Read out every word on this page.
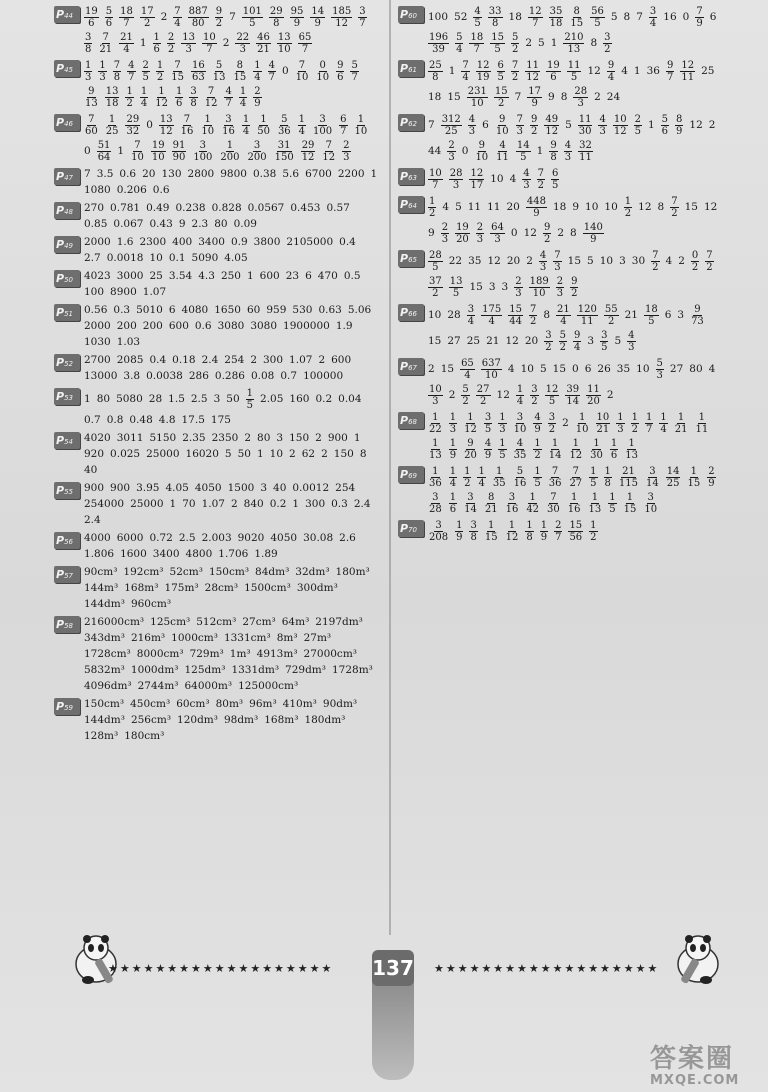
P44	$\frac{19}{6} \frac{5}{6} \frac{18}{7} \frac{17}{2} 2 \frac{7}{4} \frac{887}{80} \frac{9}{2} 7 \frac{101}{5} \frac{29}{8} \frac{95}{9} \frac{14}{9} \frac{185}{12} \frac{3}{7}$
$\frac{3}{8} \frac{7}{21} \frac{21}{4} 1 \frac{1}{6} \frac{2}{2} \frac{13}{3} \frac{10}{7} 2 \frac{22}{3} \frac{46}{21} \frac{13}{10} \frac{65}{7}$
P45	$\frac{1}{3} \frac{1}{3} \frac{7}{8} \frac{4}{7} \frac{2}{5} \frac{1}{2} \frac{7}{15} \frac{16}{63} \frac{5}{13} \frac{8}{15} \frac{1}{4} \frac{4}{7} 0 \frac{7}{10} \frac{0}{10} \frac{9}{6} \frac{5}{7}$
$\frac{9}{13} \frac{13}{18} \frac{1}{2} \frac{1}{4} \frac{1}{12} \frac{1}{6} \frac{3}{8} \frac{7}{12} \frac{4}{7} \frac{1}{4} \frac{2}{9}$
P46	$\frac{7}{60} \frac{1}{25} \frac{29}{32} 0 \frac{13}{12} \frac{7}{16} \frac{1}{10} \frac{3}{16} \frac{1}{4} \frac{1}{50} \frac{5}{36} \frac{1}{4} \frac{3}{100} \frac{6}{7} \frac{1}{10}$
$0 \frac{51}{64} 1 \frac{7}{10} \frac{19}{10} \frac{91}{90} \frac{3}{100} \frac{1}{200} \frac{3}{200} \frac{31}{150} \frac{29}{12} \frac{7}{12} \frac{2}{3}$
P47	7 3.5 0.6 20 130 2800 9800 0.38 5.6 6700 2200 1
1080 0.206 0.6
P48	270 0.781 0.49 0.238 0.828 0.0567 0.453 0.57
0.85 0.067 0.43 9 2.3 80 0.09
P49	2000 1.6 2300 400 3400 0.9 3800 2105000 0.4
2.7 0.0018 10 0.1 5090 4.05
P50	4023 3000 25 3.54 4.3 250 1 600 23 6 470 0.5
100 8900 1.07
P51	0.56 0.3 5010 6 4080 1650 60 959 530 0.63 5.06
2000 200 200 600 0.6 3080 3080 1900000 1.9
1030 1.03
P52	2700 2085 0.4 0.18 2.4 254 2 300 1.07 2 600
13000 3.8 0.0038 286 0.286 0.08 0.7 100000
P53	1 80 5080 28 1.5 2.5 3 $50 \frac{1}{5} 2.05$ 160 0.2 0.04
0.7 0.8 0.48 4.8 17.5 175
P54	4020 3011 5150 2.35 2350 2 80 3 150 2 900 1
920 0.025 25000 16020 5 50 1 10 2 62 2 150 8
40
P55	900 900 3.95 4.05 4050 1500 3 40 0.0012 254
254000 25000 1 70 1.07 2 840 0.2 1 300 0.3 2.4
2.4
P56	4000 6000 0.72 2.5 2.003 9020 4050 30.08 2.6
1.806 1600 3400 4800 1.706 1.89
P57	90cm³ 192cm³ 52cm³ 150cm³ 84dm³ 32dm³ 180m³
144m³ 168m³ 175m³ 28cm³ 1500cm³ 300dm³
144dm³ 960cm³
P58	216000cm³ 125cm³ 512cm³ 27cm³ 64m³ 2197dm³
343dm³ 216m³ 1000cm³ 1331cm³ 8m³ 27m³
1728cm³ 8000cm³ 729m³ 1m³ 4913m³ 27000cm³
5832m³ 1000dm³ 125dm³ 1331dm³ 729dm³ 1728m³
4096dm³ 2744m³ 64000m³ 125000cm³
P59	150cm³ 450cm³ 60cm³ 80m³ 96m³ 410m³ 90dm³
144dm³ 256cm³ 120dm³ 98dm³ 168m³ 180dm³
128m³ 180cm³
P60	100 $52 \frac{4}{5} \frac{33}{8} 18 \frac{12}{7} \frac{35}{18} \frac{8}{15} \frac{56}{5} 5$ 8 $7 \frac{3}{4} 16$ $0 \frac{7}{9} 6$
$\frac{196}{39} \frac{5}{4} \frac{18}{7} \frac{15}{5} \frac{5}{2} 2$ 5 $1 \frac{210}{13} 8 \frac{3}{2}$
P61	$\frac{25}{8} 1 \frac{7}{4} \frac{12}{19} \frac{6}{5} \frac{7}{2} \frac{11}{12} \frac{19}{6} \frac{11}{5} 12 \frac{9}{4} 4$ 1 $36 \frac{9}{7} \frac{12}{11} 25$
18 $15 \frac{231}{10} \frac{15}{2} 7 \frac{17}{9} 9$ $8 \frac{28}{3} 2$ 24
P62	$7 \frac{312}{25} \frac{4}{3} 6 \frac{9}{10} \frac{7}{3} \frac{9}{2} \frac{49}{12} 5 \frac{11}{30} \frac{4}{3} \frac{10}{12} \frac{2}{5} 1 \frac{5}{6} \frac{8}{9} 12$ 2
$44 \frac{2}{3} 0 \frac{9}{10} \frac{4}{11} \frac{14}{5} 1 \frac{9}{8} \frac{4}{3} \frac{32}{11}$
P63	$\frac{10}{7} \frac{28}{3} \frac{12}{17} 10$ $4 \frac{4}{3} \frac{7}{2} \frac{6}{5}$
P64	$\frac{1}{2} 4$ 5 11 11 $20 \frac{448}{9} 18$ 9 10 $10 \frac{1}{2} 12$ $8 \frac{7}{2} 15$ 12
$9 \frac{2}{3} \frac{19}{20} \frac{2}{3} \frac{64}{3} 0$ $12 \frac{9}{2} 2$ $8 \frac{140}{9}$
P65	$\frac{28}{5} 22$ 35 12 20 $2 \frac{4}{3} \frac{7}{3} 15$ 5 10 3 $30 \frac{7}{2} 4$ $2 \frac{0}{2} \frac{7}{2}$
$\frac{37}{2} \frac{13}{5} 15$ 3 $3 \frac{2}{3} \frac{189}{10} \frac{2}{3} \frac{9}{2}$
P66	10 $28 \frac{3}{4} \frac{175}{4} \frac{15}{44} \frac{7}{2} 8 \frac{21}{4} \frac{120}{11} \frac{55}{2} 21 \frac{18}{5} 6$ $3 \frac{9}{73}$
15 27 25 21 12 $20 \frac{3}{2} \frac{5}{2} \frac{9}{4} 3 \frac{3}{5} 5 \frac{4}{3}$
P67	2 $15 \frac{65}{4} \frac{637}{10} 4$ 10 5 15 0 6 26 35 $10 \frac{5}{3} 27$ 80 4
$\frac{10}{3} 2 \frac{5}{2} \frac{27}{2} 12 \frac{1}{4} \frac{3}{2} \frac{12}{5} \frac{39}{14} \frac{11}{20} 2$
P68	$\frac{1}{22} \frac{1}{3} \frac{1}{12} \frac{3}{5} \frac{1}{3} \frac{3}{10} \frac{4}{9} \frac{3}{2} 2 \frac{1}{10} \frac{10}{21} \frac{1}{3} \frac{1}{2} \frac{1}{7} \frac{1}{4} \frac{1}{21} \frac{1}{11}$
$\frac{1}{13} \frac{1}{9} \frac{9}{20} \frac{4}{9} \frac{1}{5} \frac{4}{35} \frac{1}{2} \frac{1}{14} \frac{1}{12} \frac{1}{30} \frac{1}{6} \frac{1}{13}$
P69	$\frac{1}{36} \frac{1}{4} \frac{1}{2} \frac{1}{4} \frac{1}{35} \frac{5}{16} \frac{1}{5} \frac{7}{36} \frac{7}{27} \frac{1}{5} \frac{1}{8} \frac{21}{115} \frac{3}{14} \frac{14}{25} \frac{1}{15} \frac{2}{9}$
$\frac{3}{28} \frac{1}{6} \frac{3}{14} \frac{8}{21} \frac{3}{16} \frac{1}{42} \frac{7}{30} \frac{1}{16} \frac{1}{13} \frac{1}{5} \frac{1}{15} \frac{3}{10}$
P70	$\frac{3}{208} \frac{1}{9} \frac{3}{8} \frac{1}{15} \frac{1}{12} \frac{1}{8} \frac{1}{9} \frac{2}{7} \frac{15}{56} \frac{1}{2}$
★★★★★★★★★★★★★★★★★★★	★★★★★★★★★★★★★★★★★★★
137
答案圈
MXQE.COM
